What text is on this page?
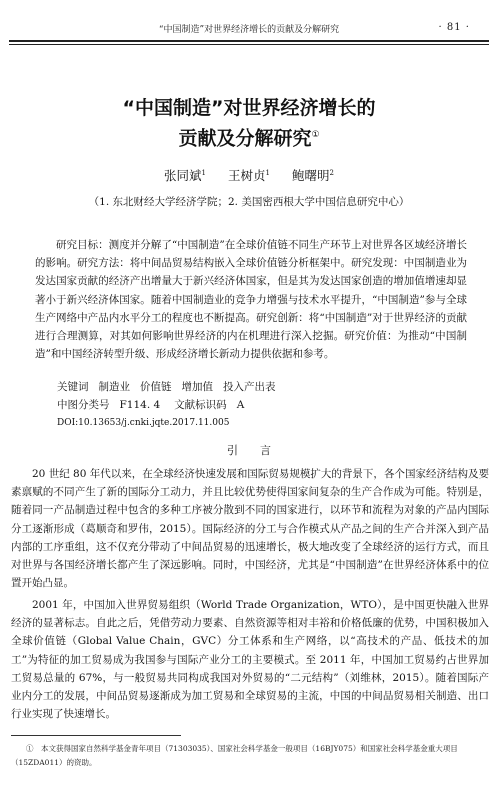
“中国制造”对世界经济增长的贡献及分解研究	· 81 ·
“中国制造”对世界经济增长的
贡献及分解研究①
张同斌$^1$ 王树贞$^1$ 鲍曙明$^2$
（1. 东北财经大学经济学院；2. 美国密西根大学中国信息研究中心）

研究目标：测度并分解了“中国制造”在全球价值链不同生产环节上对世界各区域经济增长的影响。研究方法：将中间品贸易结构嵌入全球价值链分析框架中。研究发现：中国制造业为发达国家贡献的经济产出增量大于新兴经济体国家，但是其为发达国家创造的增加值增速却显著小于新兴经济体国家。随着中国制造业的竞争力增强与技术水平提升，“中国制造”参与全球生产网络中产品内水平分工的程度也不断提高。研究创新：将“中国制造”对于世界经济的贡献进行合理测算，对其如何影响世界经济的内在机理进行深入挖掘。研究价值：为推动“中国制造”和中国经济转型升级、形成经济增长新动力提供依据和参考。

关键词 制造业 价值链 增加值 投入产出表
中图分类号 F114. 4 文献标识码 A
DOI:10.13653/j.cnki.jqte.2017.11.005
引言

20 世纪 80 年代以来，在全球经济快速发展和国际贸易规模扩大的背景下，各个国家经济结构及要素禀赋的不同产生了新的国际分工动力，并且比较优势使得国家间复杂的生产合作成为可能。特别是，随着同一产品制造过程中包含的多种工序被分散到不同的国家进行，以环节和流程为对象的产品内国际分工逐渐形成（葛顺奇和罗伟，2015）。国际经济的分工与合作模式从产品之间的生产合并深入到产品内部的工序重组，这不仅充分带动了中间品贸易的迅速增长，极大地改变了全球经济的运行方式，而且对世界与各国经济增长都产生了深远影响。同时，中国经济，尤其是“中国制造”在世界经济体系中的位置开始凸显。

2001 年，中国加入世界贸易组织（World Trade Organization，WTO），是中国更快融入世界经济的显著标志。自此之后，凭借劳动力要素、自然资源等相对丰裕和价格低廉的优势，中国积极加入全球价值链（Global Value Chain，GVC）分工体系和生产网络，以“高技术的产品、低技术的加工”为特征的加工贸易成为我国参与国际产业分工的主要模式。至 2011 年，中国加工贸易约占世界加工贸易总量的 67%，与一般贸易共同构成我国对外贸易的“二元结构”（刘维林，2015）。随着国际产业内分工的发展，中间品贸易逐渐成为加工贸易和全球贸易的主流，中国的中间品贸易相关制造、出口行业实现了快速增长。

①　 本文获得国家自然科学基金青年项目（71303035）、国家社会科学基金一般项目（16BJY075）和国家社会科学基金重大项目（15ZDA011）的资助。
